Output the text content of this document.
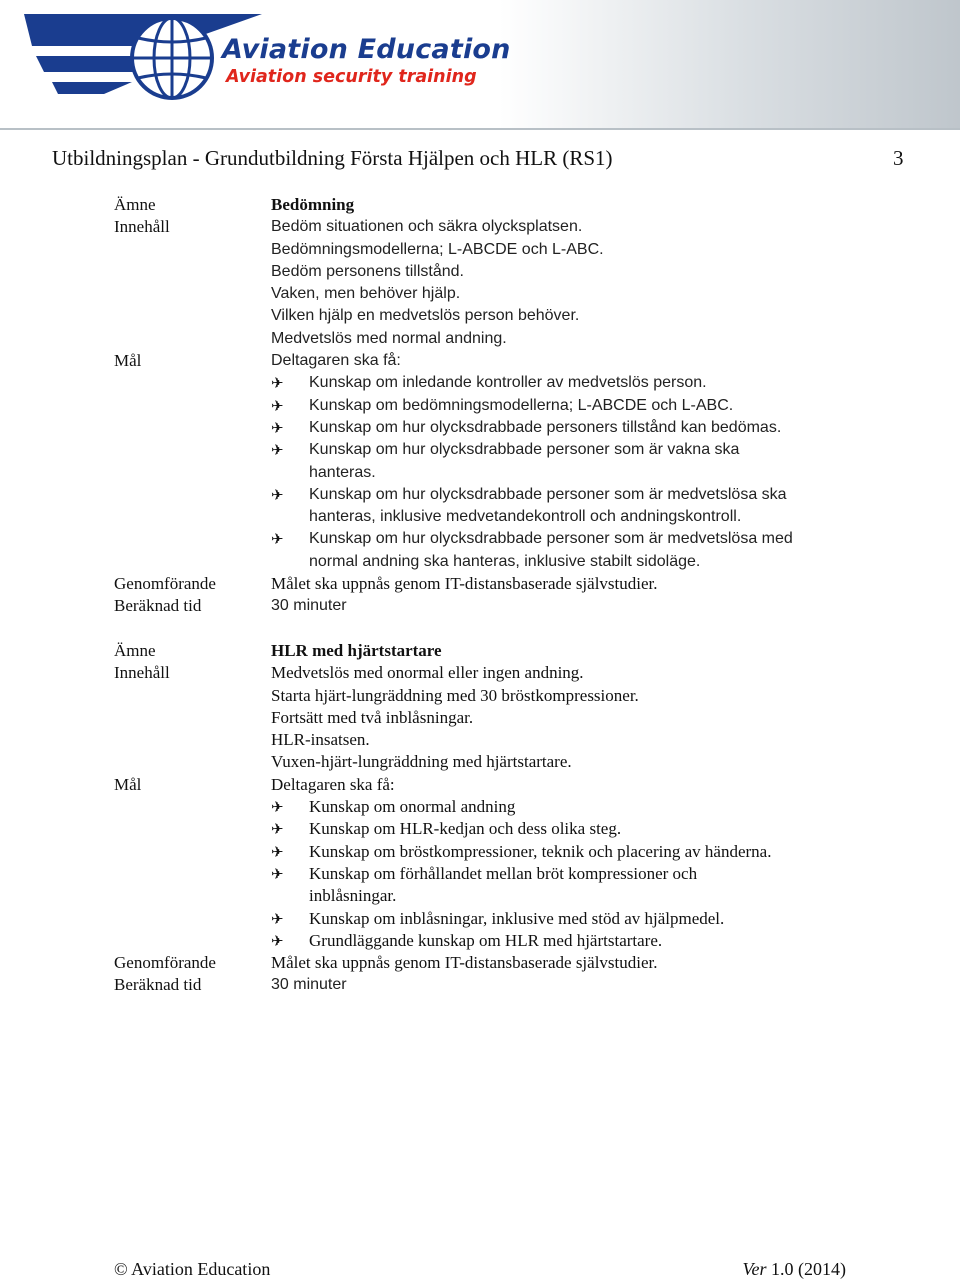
Aviation Education
Aviation security training
Utbildningsplan - Grundutbildning Första Hjälpen och HLR (RS1)	3
Ämne	Bedömning
Innehåll	Bedöm situationen och säkra olycksplatsen.
Bedömningsmodellerna; L-ABCDE och L-ABC.
Bedöm personens tillstånd.
Vaken, men behöver hjälp.
Vilken hjälp en medvetslös person behöver.
Medvetslös med normal andning.
Mål	Deltagaren ska få:
✈	Kunskap om inledande kontroller av medvetslös person.
✈	Kunskap om bedömningsmodellerna; L-ABCDE och L-ABC.
✈	Kunskap om hur olycksdrabbade personers tillstånd kan bedömas.
✈	Kunskap om hur olycksdrabbade personer som är vakna ska hanteras.
✈	Kunskap om hur olycksdrabbade personer som är medvetslösa ska hanteras, inklusive medvetandekontroll och andningskontroll.
✈	Kunskap om hur olycksdrabbade personer som är medvetslösa med normal andning ska hanteras, inklusive stabilt sidoläge.
Genomförande	Målet ska uppnås genom IT-distansbaserade självstudier.
Beräknad tid	30 minuter
Ämne	HLR med hjärtstartare
Innehåll	Medvetslös med onormal eller ingen andning.
Starta hjärt-lungräddning med 30 bröstkompressioner.
Fortsätt med två inblåsningar.
HLR-insatsen.
Vuxen-hjärt-lungräddning med hjärtstartare.
Mål	Deltagaren ska få:
✈	Kunskap om onormal andning
✈	Kunskap om HLR-kedjan och dess olika steg.
✈	Kunskap om bröstkompressioner, teknik och placering av händerna.
✈	Kunskap om förhållandet mellan bröt kompressioner och inblåsningar.
✈	Kunskap om inblåsningar, inklusive med stöd av hjälpmedel.
✈	Grundläggande kunskap om HLR med hjärtstartare.
Genomförande	Målet ska uppnås genom IT-distansbaserade självstudier.
Beräknad tid	30 minuter
© Aviation Education	Ver 1.0 (2014)
